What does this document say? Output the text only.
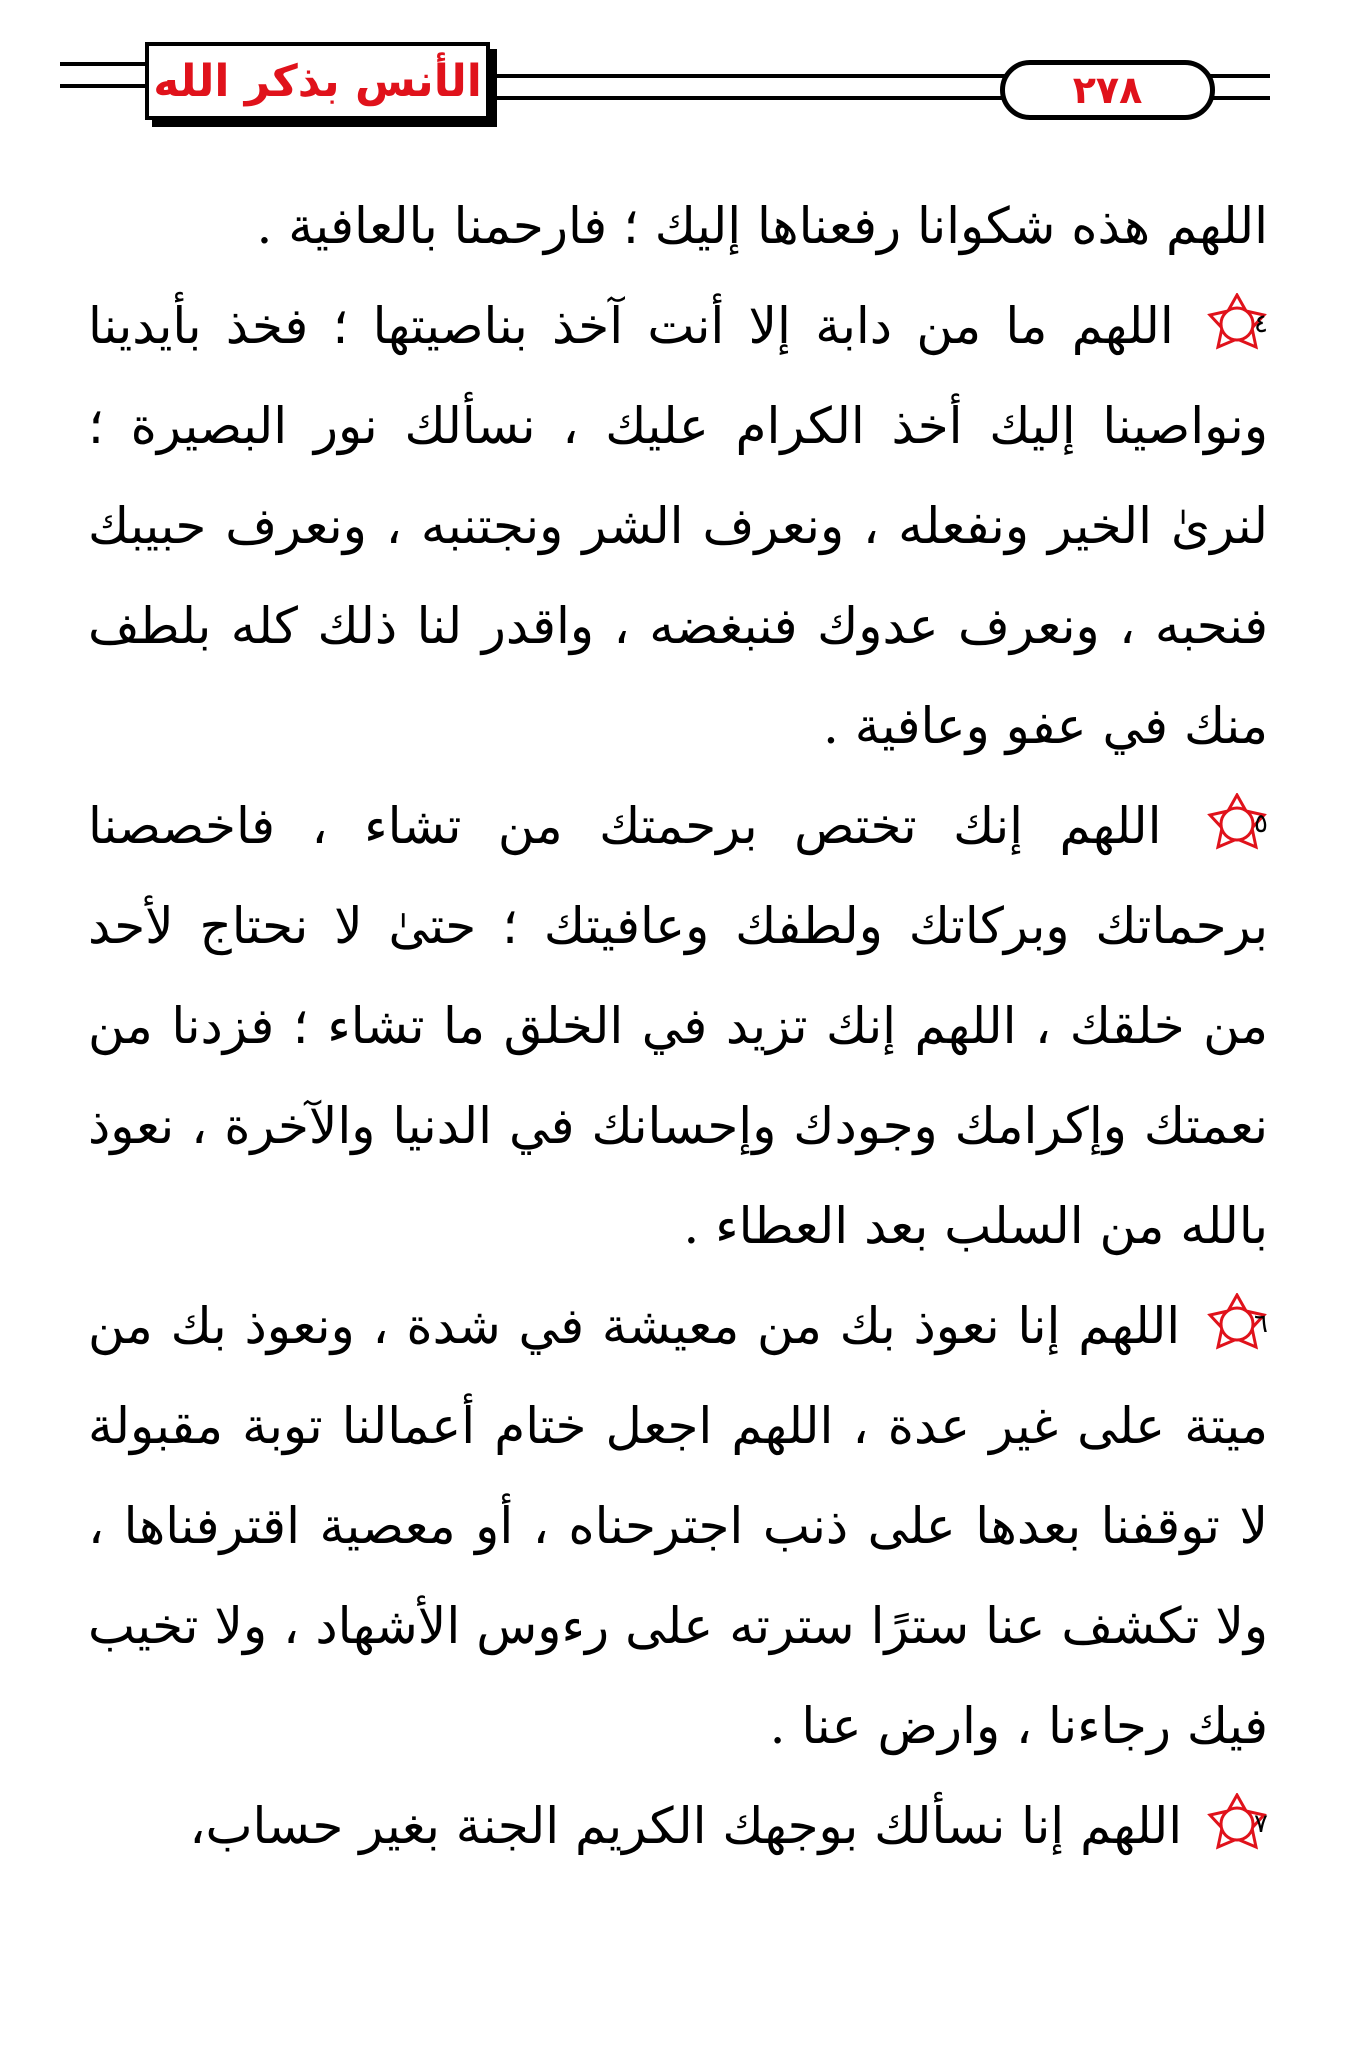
الأنس بذكر الله	٢٧٨

اللهم هذه شكوانا رفعناها إليك ؛ فارحمنا بالعافية .

٤
اللهم ما من دابة إلا أنت آخذ بناصيتها ؛ فخذ بأيدينا ونواصينا إليك أخذ الكرام عليك ، نسألك نور البصيرة ؛ لنرىٰ الخير ونفعله ، ونعرف الشر ونجتنبه ، ونعرف حبيبك فنحبه ، ونعرف عدوك فنبغضه ، واقدر لنا ذلك كله بلطف منك في عفو وعافية .

٥
اللهم إنك تختص برحمتك من تشاء ، فاخصصنا برحماتك وبركاتك ولطفك وعافيتك ؛ حتىٰ لا نحتاج لأحد من خلقك ، اللهم إنك تزيد في الخلق ما تشاء ؛ فزدنا من نعمتك وإكرامك وجودك وإحسانك في الدنيا والآخرة ، نعوذ بالله من السلب بعد العطاء .

٦
اللهم إنا نعوذ بك من معيشة في شدة ، ونعوذ بك من ميتة على غير عدة ، اللهم اجعل ختام أعمالنا توبة مقبولة لا توقفنا بعدها على ذنب اجترحناه ، أو معصية اقترفناها ، ولا تكشف عنا سترًا سترته على رءوس الأشهاد ، ولا تخيب فيك رجاءنا ، وارض عنا .

٧
اللهم إنا نسألك بوجهك الكريم الجنة بغير حساب،
